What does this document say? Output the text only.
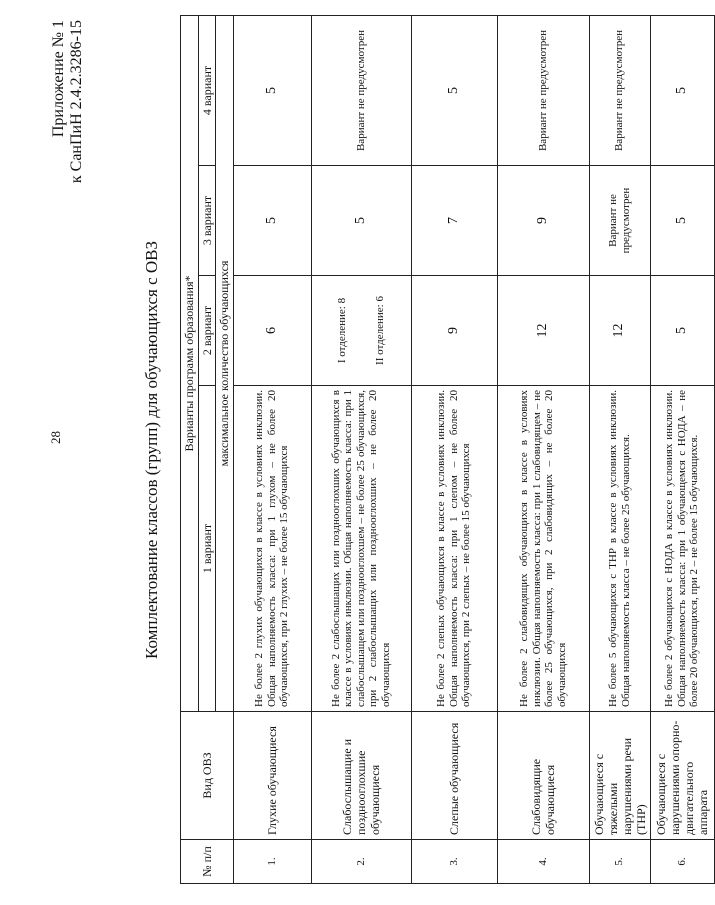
28
Приложение № 1 к СанПиН 2.4.2.3286-15
Комплектование классов (групп) для обучающихся с ОВЗ
№ п/п	Вид ОВЗ	Варианты программ образования*			
		1 вариант	2 вариант	3 вариант	4 вариант
		максимальное количество обучающихся			
1.	Глухие обучающиеся	Не более 2 глухих обучающихся в классе в условиях инклюзии. Общая наполняемость класса: при 1 глухом – не более 20 обучающихся, при 2 глухих – не более 15 обучающихся	6	5	5
2.	Слабослышащие и позднооглохшие обучающиеся	Не более 2 слабослышащих или позднооглохших обучающихся в классе в условиях инклюзии. Общая наполняемость класса: при 1 слабослышащем или позднооглохшем – не более 25 обучающихся, при 2 слабослышащих или позднооглохших – не более 20 обучающихся	I отделение: 8 II отделение: 6	5	Вариант не предусмотрен
3.	Слепые обучающиеся	Не более 2 слепых обучающихся в классе в условиях инклюзии. Общая наполняемость класса: при 1 слепом – не более 20 обучающихся, при 2 слепых – не более 15 обучающихся	9	7	5
4.	Слабовидящие обучающиеся	Не более 2 слабовидящих обучающихся в классе в условиях инклюзии. Общая наполняемость класса: при 1 слабовидящем – не более 25 обучающихся, при 2 слабовидящих – не более 20 обучающихся	12	9	Вариант не предусмотрен
5.	Обучающиеся с тяжелыми нарушениями речи (ТНР)	Не более 5 обучающихся с ТНР в классе в условиях инклюзии. Общая наполняемость класса – не более 25 обучающихся.	12	Вариант не предусмотрен	Вариант не предусмотрен
6.	Обучающиеся с нарушениями опорно-двигательного аппарата	Не более 2 обучающихся с НОДА в классе в условиях инклюзии. Общая наполняемость класса: при 1 обучающемся с НОДА – не более 20 обучающихся, при 2 – не более 15 обучающихся.	5	5	5
